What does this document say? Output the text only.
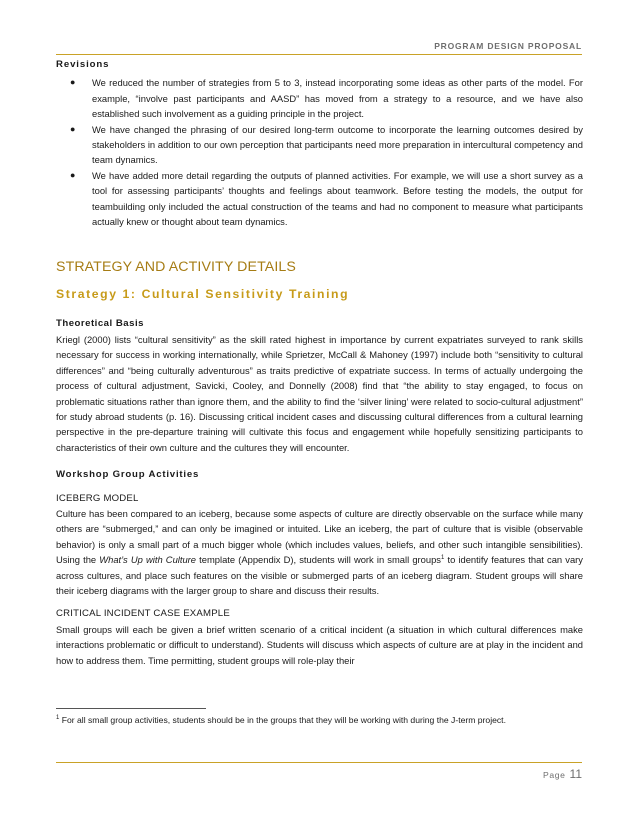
PROGRAM DESIGN PROPOSAL
Revisions
● We reduced the number of strategies from 5 to 3, instead incorporating some ideas as other parts of the model. For example, “involve past participants and AASD” has moved from a strategy to a resource, and we have also established such involvement as a guiding principle in the project.
● We have changed the phrasing of our desired long-term outcome to incorporate the learning outcomes desired by stakeholders in addition to our own perception that participants need more preparation in intercultural competency and team dynamics.
● We have added more detail regarding the outputs of planned activities. For example, we will use a short survey as a tool for assessing participants’ thoughts and feelings about teamwork. Before testing the models, the output for teambuilding only included the actual construction of the teams and had no component to measure what participants actually knew or thought about team dynamics.
STRATEGY AND ACTIVITY DETAILS
Strategy 1: Cultural Sensitivity Training
Theoretical Basis

Kriegl (2000) lists “cultural sensitivity” as the skill rated highest in importance by current expatriates surveyed to rank skills necessary for success in working internationally, while Sprietzer, McCall & Mahoney (1997) include both “sensitivity to cultural differences” and “being culturally adventurous” as traits predictive of expatriate success. In terms of actually undergoing the process of cultural adjustment, Savicki, Cooley, and Donnelly (2008) find that “the ability to stay engaged, to focus on problematic situations rather than ignore them, and the ability to find the ‘silver lining’ were related to socio-cultural adjustment” for study abroad students (p. 16). Discussing critical incident cases and discussing cultural differences from a cultural learning perspective in the pre-departure training will cultivate this focus and engagement while hopefully sensitizing participants to characteristics of their own culture and the cultures they will encounter.

Workshop Group Activities
ICEBERG MODEL

Culture has been compared to an iceberg, because some aspects of culture are directly observable on the surface while many others are “submerged,” and can only be imagined or intuited. Like an iceberg, the part of culture that is visible (observable behavior) is only a small part of a much bigger whole (which includes values, beliefs, and other such intangible sensibilities). Using the What’s Up with Culture template (Appendix D), students will work in small groups$^1$ to identify features that can vary across cultures, and place such features on the visible or submerged parts of an iceberg diagram. Student groups will share their iceberg diagrams with the larger group to share and discuss their results.

CRITICAL INCIDENT CASE EXAMPLE

Small groups will each be given a brief written scenario of a critical incident (a situation in which cultural differences make interactions problematic or difficult to understand). Students will discuss which aspects of culture are at play in the incident and how to address them. Time permitting, student groups will role-play their

$^1$ For all small group activities, students should be in the groups that they will be working with during the J-term project.
Page 11
